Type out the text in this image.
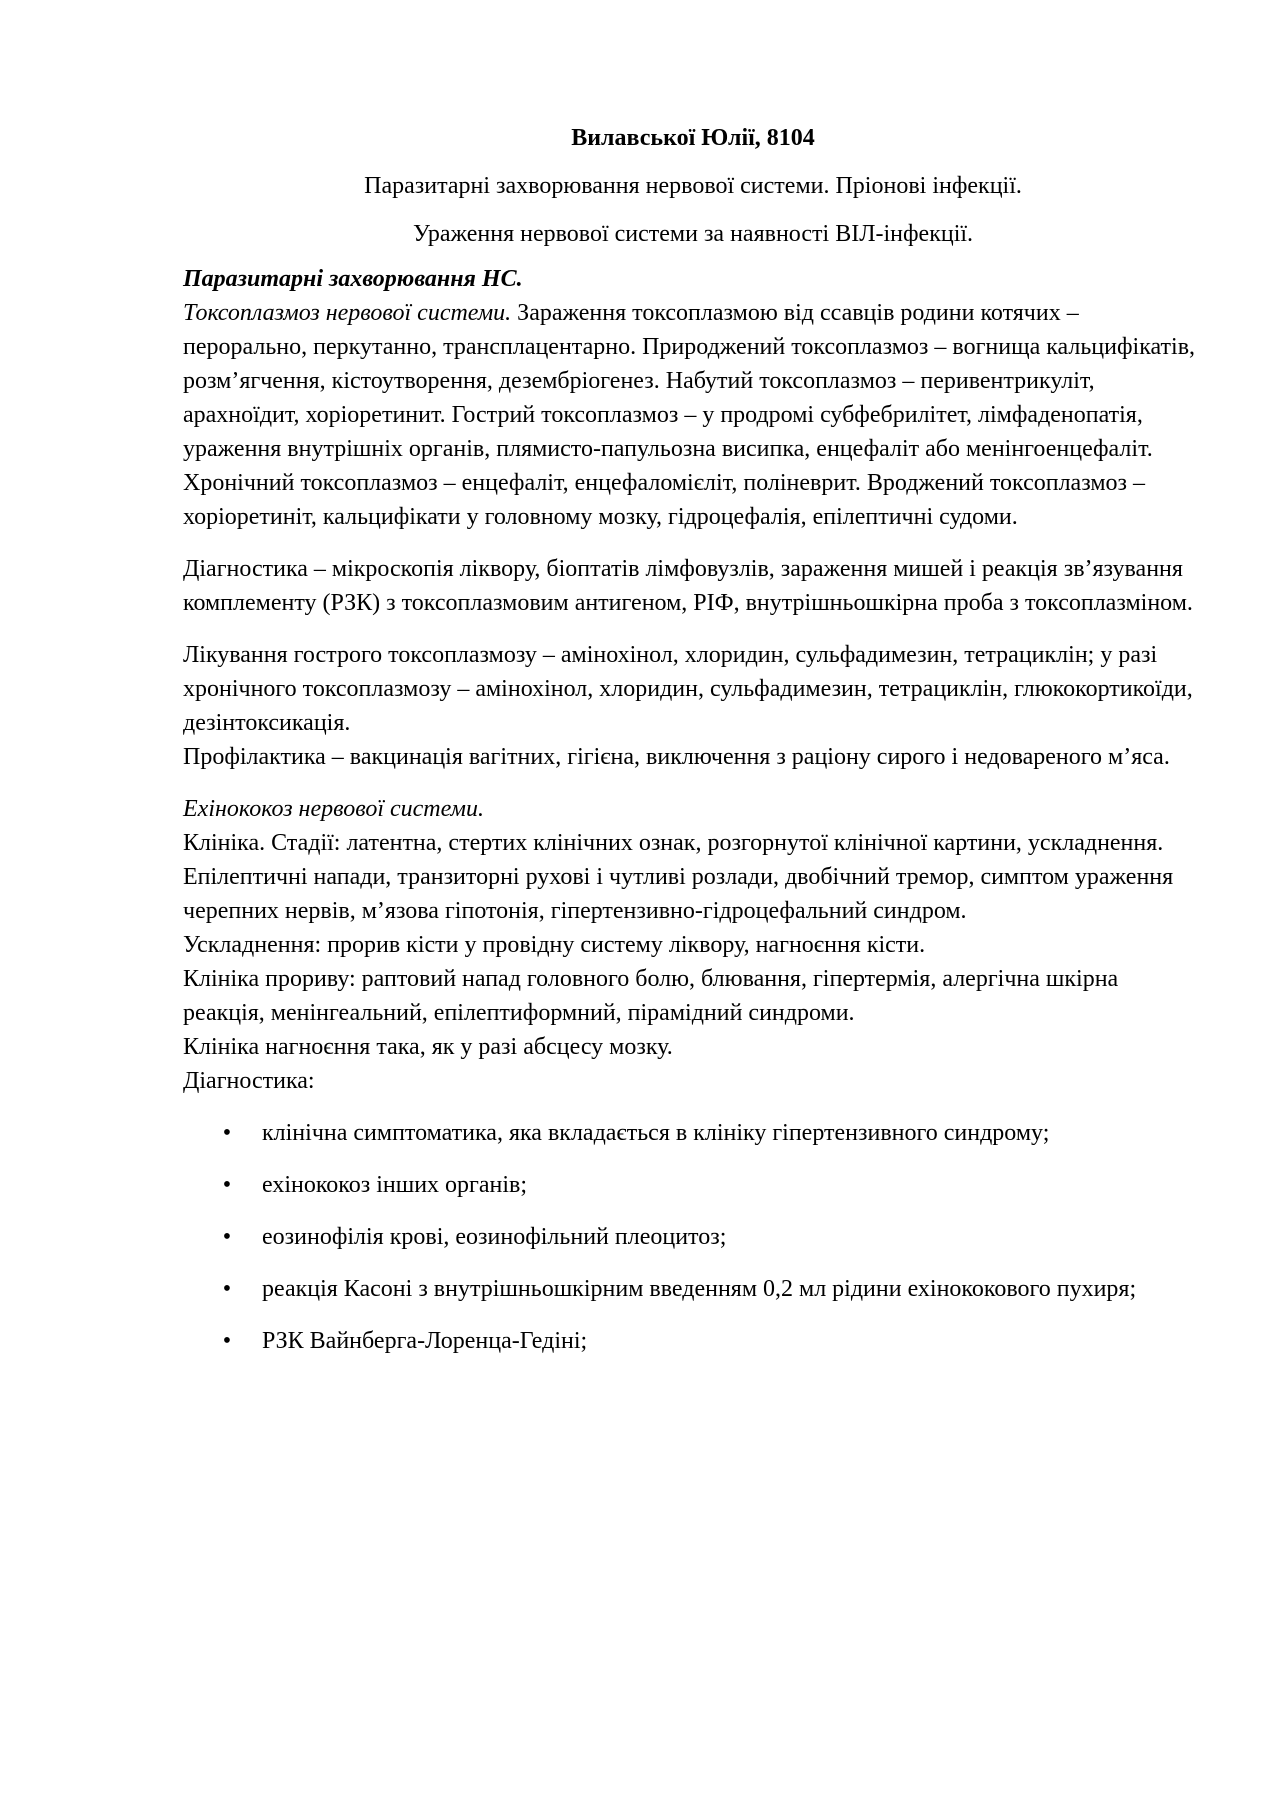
Вилавської Юлії, 8104

Паразитарні захворювання нервової системи. Пріонові інфекції.

Ураження нервової системи за наявності ВІЛ-інфекції.

Паразитарні захворювання НС.

Токсоплазмоз нервової системи. Зараження токсоплазмою від ссавців родини котячих – перорально, перкутанно, трансплацентарно. Природжений токсоплазмоз – вогнища кальцифікатів, розм’ягчення, кістоутворення, дезембріогенез. Набутий токсоплазмоз – перивентрикуліт, арахноїдит, хоріоретинит. Гострий токсоплазмоз – у продромі субфебрилітет, лімфаденопатія, ураження внутрішніх органів, плямисто-папульозна висипка, енцефаліт або менінгоенцефаліт. Хронічний токсоплазмоз – енцефаліт, енцефаломієліт, поліневрит. Вроджений токсоплазмоз – хоріоретиніт, кальцифікати у головному мозку, гідроцефалія, епілептичні судоми.

Діагностика – мікроскопія ліквору, біоптатів лімфовузлів, зараження мишей і реакція зв’язування комплементу (РЗК) з токсоплазмовим антигеном, РІФ, внутрішньошкірна проба з токсоплазміном.

Лікування гострого токсоплазмозу – амінохінол, хлоридин, сульфадимезин, тетрациклін; у разі хронічного токсоплазмозу – амінохінол, хлоридин, сульфадимезин, тетрациклін, глюкокортикоїди, дезінтоксикація.

Профілактика – вакцинація вагітних, гігієна, виключення з раціону сирого і недовареного м’яса.

Ехінококоз нервової системи.

Клініка. Стадії: латентна, стертих клінічних ознак, розгорнутої клінічної картини, ускладнення. Епілептичні напади, транзиторні рухові і чутливі розлади, двобічний тремор, симптом ураження черепних нервів, м’язова гіпотонія, гіпертензивно-гідроцефальний синдром.

Ускладнення: прорив кісти у провідну систему ліквору, нагноєння кісти.

Клініка прориву: раптовий напад головного болю, блювання, гіпертермія, алергічна шкірна реакція, менінгеальний, епілептиформний, пірамідний синдроми.

Клініка нагноєння така, як у разі абсцесу мозку.

Діагностика:

• клінічна симптоматика, яка вкладається в клініку гіпертензивного синдрому;
• ехінококоз інших органів;
• еозинофілія крові, еозинофільний плеоцитоз;
• реакція Касоні з внутрішньошкірним введенням 0,2 мл рідини ехінококового пухиря;
• РЗК Вайнберга-Лоренца-Гедіні;
